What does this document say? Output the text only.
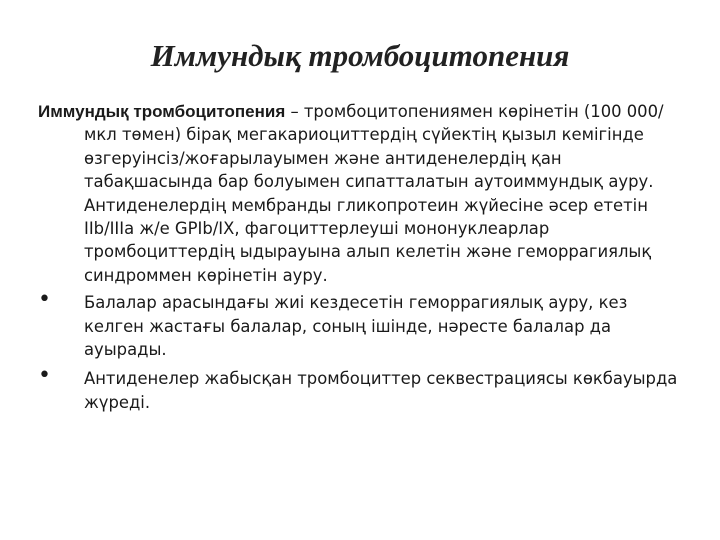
Иммундық тромбоцитопения

Иммундық тромбоцитопения – тромбоцитопениямен көрінетін (100 000/мкл төмен) бірақ мегакариоциттердің сүйектің қызыл кемігінде өзгеруінсіз/жоғарылауымен және антиденелердің қан табақшасында бар болуымен сипатталатын аутоиммундық ауру. Антиденелердің мембранды гликопротеин жүйесіне әсер ететін IIb/IIIa ж/е GPIb/IX, фагоциттерлеуші мононуклеарлар тромбоциттердің ыдырауына алып келетін және геморрагиялық синдроммен көрінетін ауру.

• Балалар арасындағы жиі кездесетін геморрагиялық ауру, кез келген жастағы балалар, соның ішінде, нәресте балалар да ауырады.
• Антиденелер жабысқан тромбоциттер секвестрациясы көкбауырда жүреді.
